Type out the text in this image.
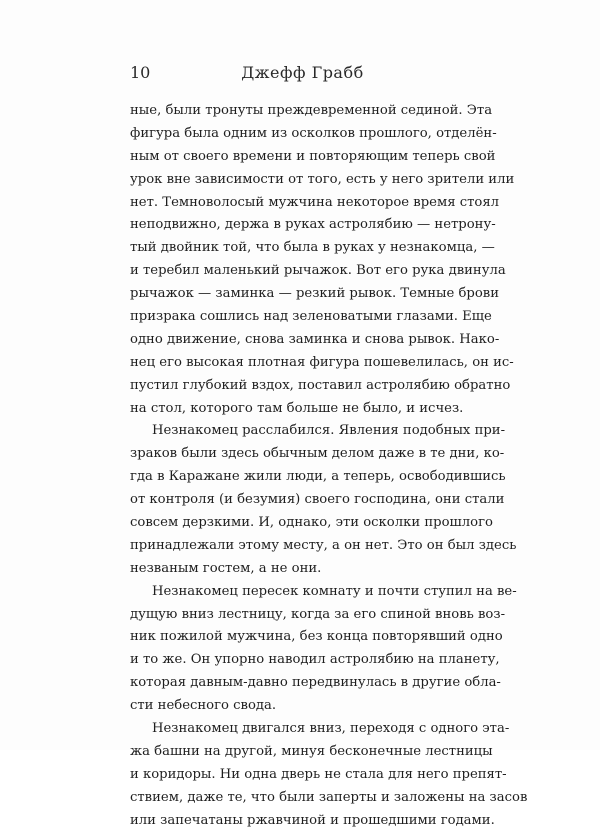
10	Джефф Грабб
ные, были тронуты преждевременной сединой. Эта
фигура была одним из осколков прошлого, отделён-
ным от своего времени и повторяющим теперь свой
урок вне зависимости от того, есть у него зрители или
нет. Темноволосый мужчина некоторое время стоял
неподвижно, держа в руках астролябию — нетрону-
тый двойник той, что была в руках у незнакомца, —
и теребил маленький рычажок. Вот его рука двинула
рычажок — заминка — резкий рывок. Темные брови
призрака сошлись над зеленоватыми глазами. Еще
одно движение, снова заминка и снова рывок. Нако-
нец его высокая плотная фигура пошевелилась, он ис-
пустил глубокий вздох, поставил астролябию обратно
на стол, которого там больше не было, и исчез.
Незнакомец расслабился. Явления подобных при-
зраков были здесь обычным делом даже в те дни, ко-
гда в Каражане жили люди, а теперь, освободившись
от контроля (и безумия) своего господина, они стали
совсем дерзкими. И, однако, эти осколки прошлого
принадлежали этому месту, а он нет. Это он был здесь
незваным гостем, а не они.
Незнакомец пересек комнату и почти ступил на ве-
дущую вниз лестницу, когда за его спиной вновь воз-
ник пожилой мужчина, без конца повторявший одно
и то же. Он упорно наводил астролябию на планету,
которая давным-давно передвинулась в другие обла-
сти небесного свода.
Незнакомец двигался вниз, переходя с одного эта-
жа башни на другой, минуя бесконечные лестницы
и коридоры. Ни одна дверь не стала для него препят-
ствием, даже те, что были заперты и заложены на засов
или запечатаны ржавчиной и прошедшими годами.
